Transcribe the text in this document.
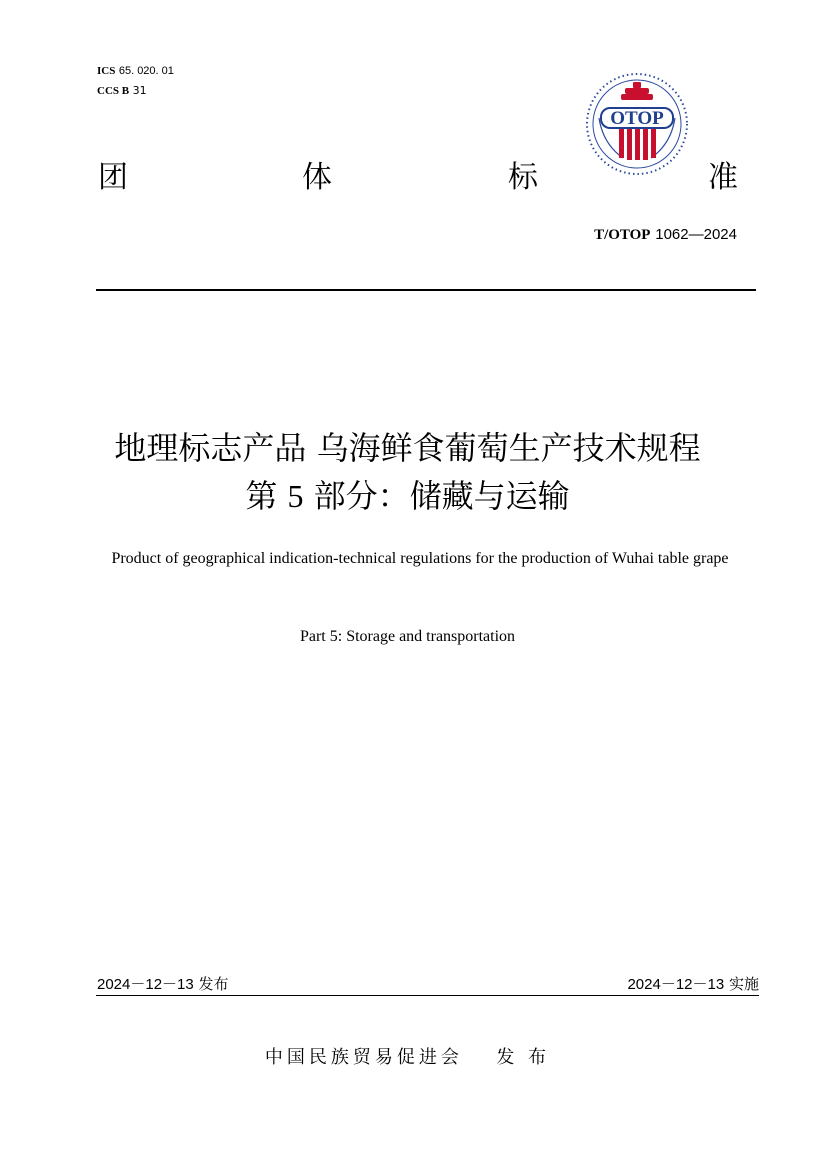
ICS 65. 020. 01
CCS B 31
OTOP
团	体	标	准
T/OTOP 1062—2024
地理标志产品 乌海鲜食葡萄生产技术规程
第 5 部分：储藏与运输
Product of geographical indication-technical regulations for the production of Wuhai table grape
Part 5: Storage and transportation
2024－12－13 发布	2024－12－13 实施
中国民族贸易促进会 发 布
